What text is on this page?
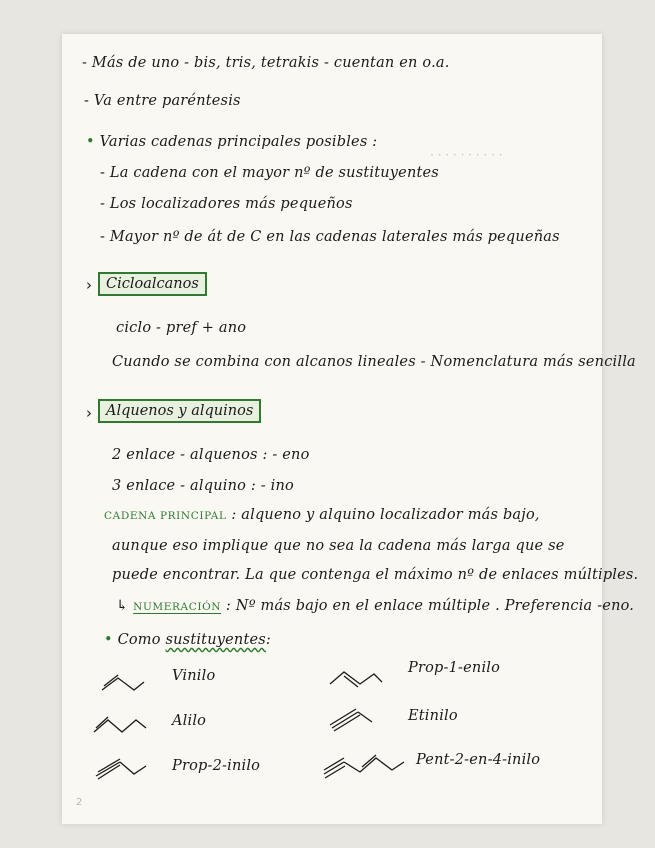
· · · · · · · · · ·
- Más de uno - bis, tris, tetrakis - cuentan en o.a.
- Va entre paréntesis
• Varias cadenas principales posibles :
- La cadena con el mayor nº de sustituyentes
- Los localizadores más pequeños
- Mayor nº de át de C en las cadenas laterales más pequeñas
› Cicloalcanos
ciclo - pref + ano
Cuando se combina con alcanos lineales - Nomenclatura más sencilla
› Alquenos y alquinos
2 enlace - alquenos : - eno
3 enlace - alquino : - ino
CADENA PRINCIPAL : alqueno y alquino localizador más bajo,
aunque eso implique que no sea la cadena más larga que se
puede encontrar. La que contenga el máximo nº de enlaces múltiples.
↳ NUMERACIÓN : Nº más bajo en el enlace múltiple . Preferencia -eno.
• Como sustituyentes:
Vinilo
Alilo
Prop-2-inilo
Prop-1-enilo
Etinilo
Pent-2-en-4-inilo
2
